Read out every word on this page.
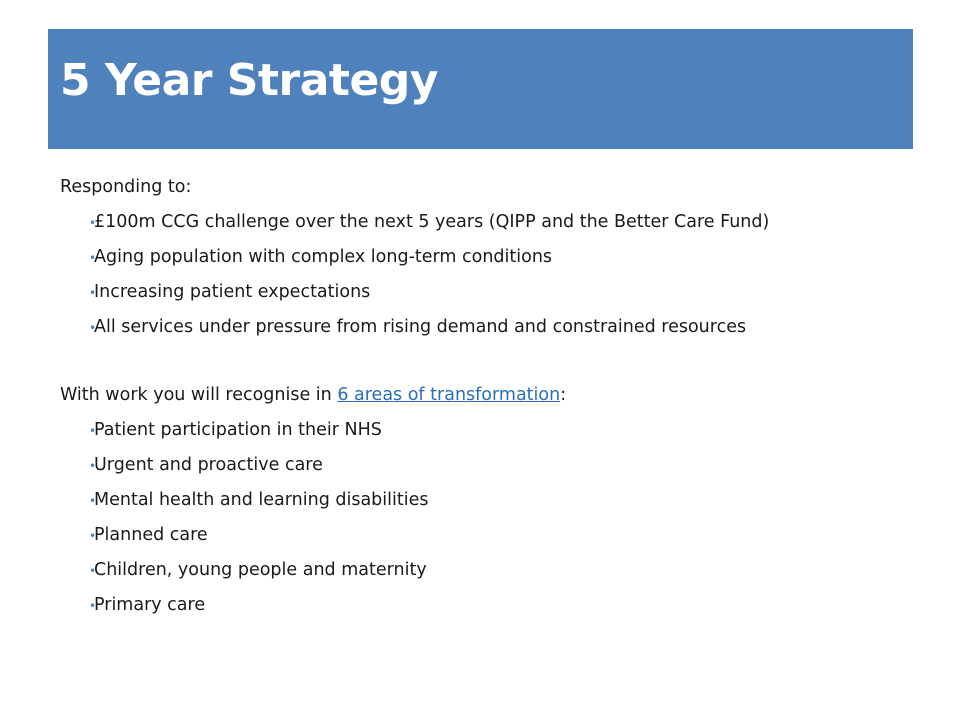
5 Year Strategy
Responding to:
•
£100m CCG challenge over the next 5 years (QIPP and the Better Care Fund)
•
Aging population with complex long-term conditions
•
Increasing patient expectations
•
All services under pressure from rising demand and constrained resources
With work you will recognise in 6 areas of transformation:
•
Patient participation in their NHS
•
Urgent and proactive care
•
Mental health and learning disabilities
•
Planned care
•
Children, young people and maternity
•
Primary care
